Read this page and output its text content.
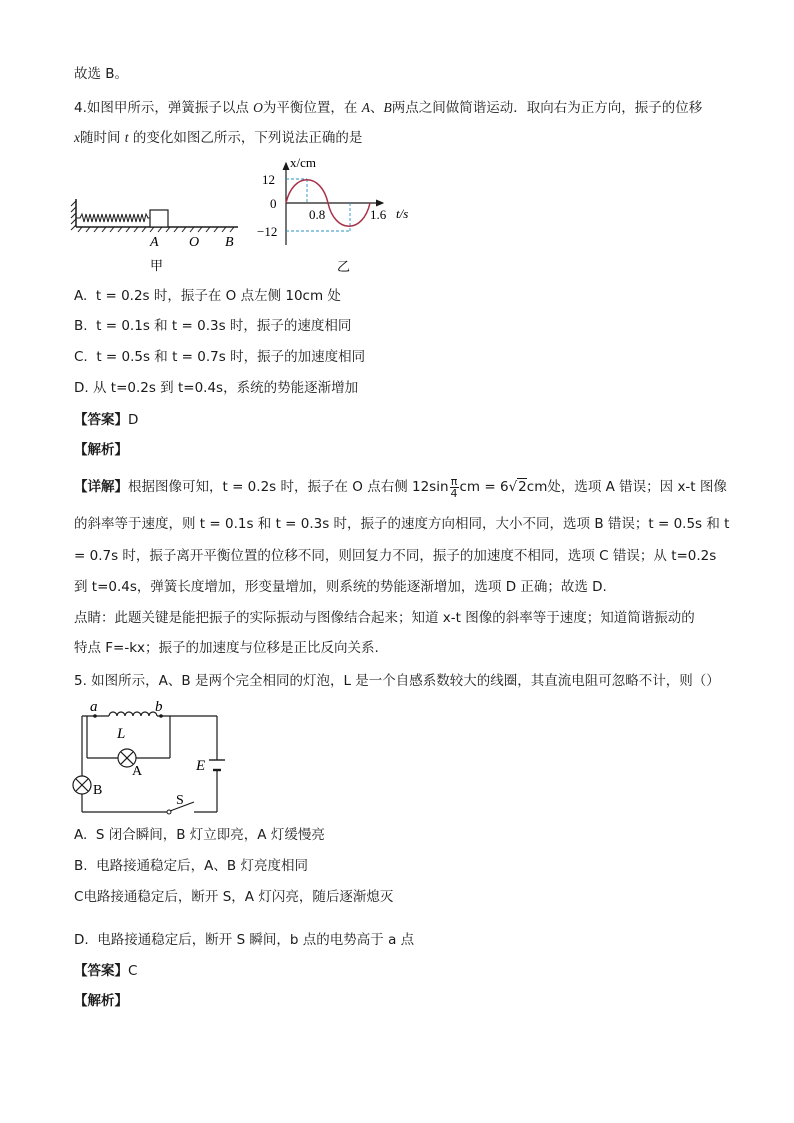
故选 B。
4.如图甲所示，弹簧振子以点 O为平衡位置，在 A、B两点之间做简谐运动．取向右为正方向，振子的位移
x随时间 t 的变化如图乙所示，下列说法正确的是
A O B
甲
x/cm
12
0
−12
0.8	1.6 t/s
乙
A. t = 0.2s 时，振子在 O 点左侧 10cm 处
B. t = 0.1s 和 t = 0.3s 时，振子的速度相同
C. t = 0.5s 和 t = 0.7s 时，振子的加速度相同
D. 从 t=0.2s 到 t=0.4s，系统的势能逐渐增加
【答案】D
【解析】
【详解】根据图像可知，t = 0.2s 时，振子在 O 点右侧 $12\sin \frac{\pi}{4}$ cm = 6√2cm处，选项 A 错误；因 x-t 图像
的斜率等于速度，则 t = 0.1s 和 t = 0.3s 时，振子的速度方向相同，大小不同，选项 B 错误；t = 0.5s 和 t
= 0.7s 时，振子离开平衡位置的位移不同，则回复力不同，振子的加速度不相同，选项 C 错误；从 t=0.2s
到 t=0.4s，弹簧长度增加，形变量增加，则系统的势能逐渐增加，选项 D 正确；故选 D.
点睛：此题关键是能把振子的实际振动与图像结合起来；知道 x-t 图像的斜率等于速度；知道简谐振动的
特点 F=-kx；振子的加速度与位移是正比反向关系.
5. 如图所示，A、B 是两个完全相同的灯泡，L 是一个自感系数较大的线圈，其直流电阻可忽略不计，则（）
a	b
L
E
A
B
S
A. S 闭合瞬间，B 灯立即亮，A 灯缓慢亮
B. 电路接通稳定后，A、B 灯亮度相同
C电路接通稳定后，断开 S，A 灯闪亮，随后逐渐熄灭
D. 电路接通稳定后，断开 S 瞬间，b 点的电势高于 a 点
【答案】C
【解析】
